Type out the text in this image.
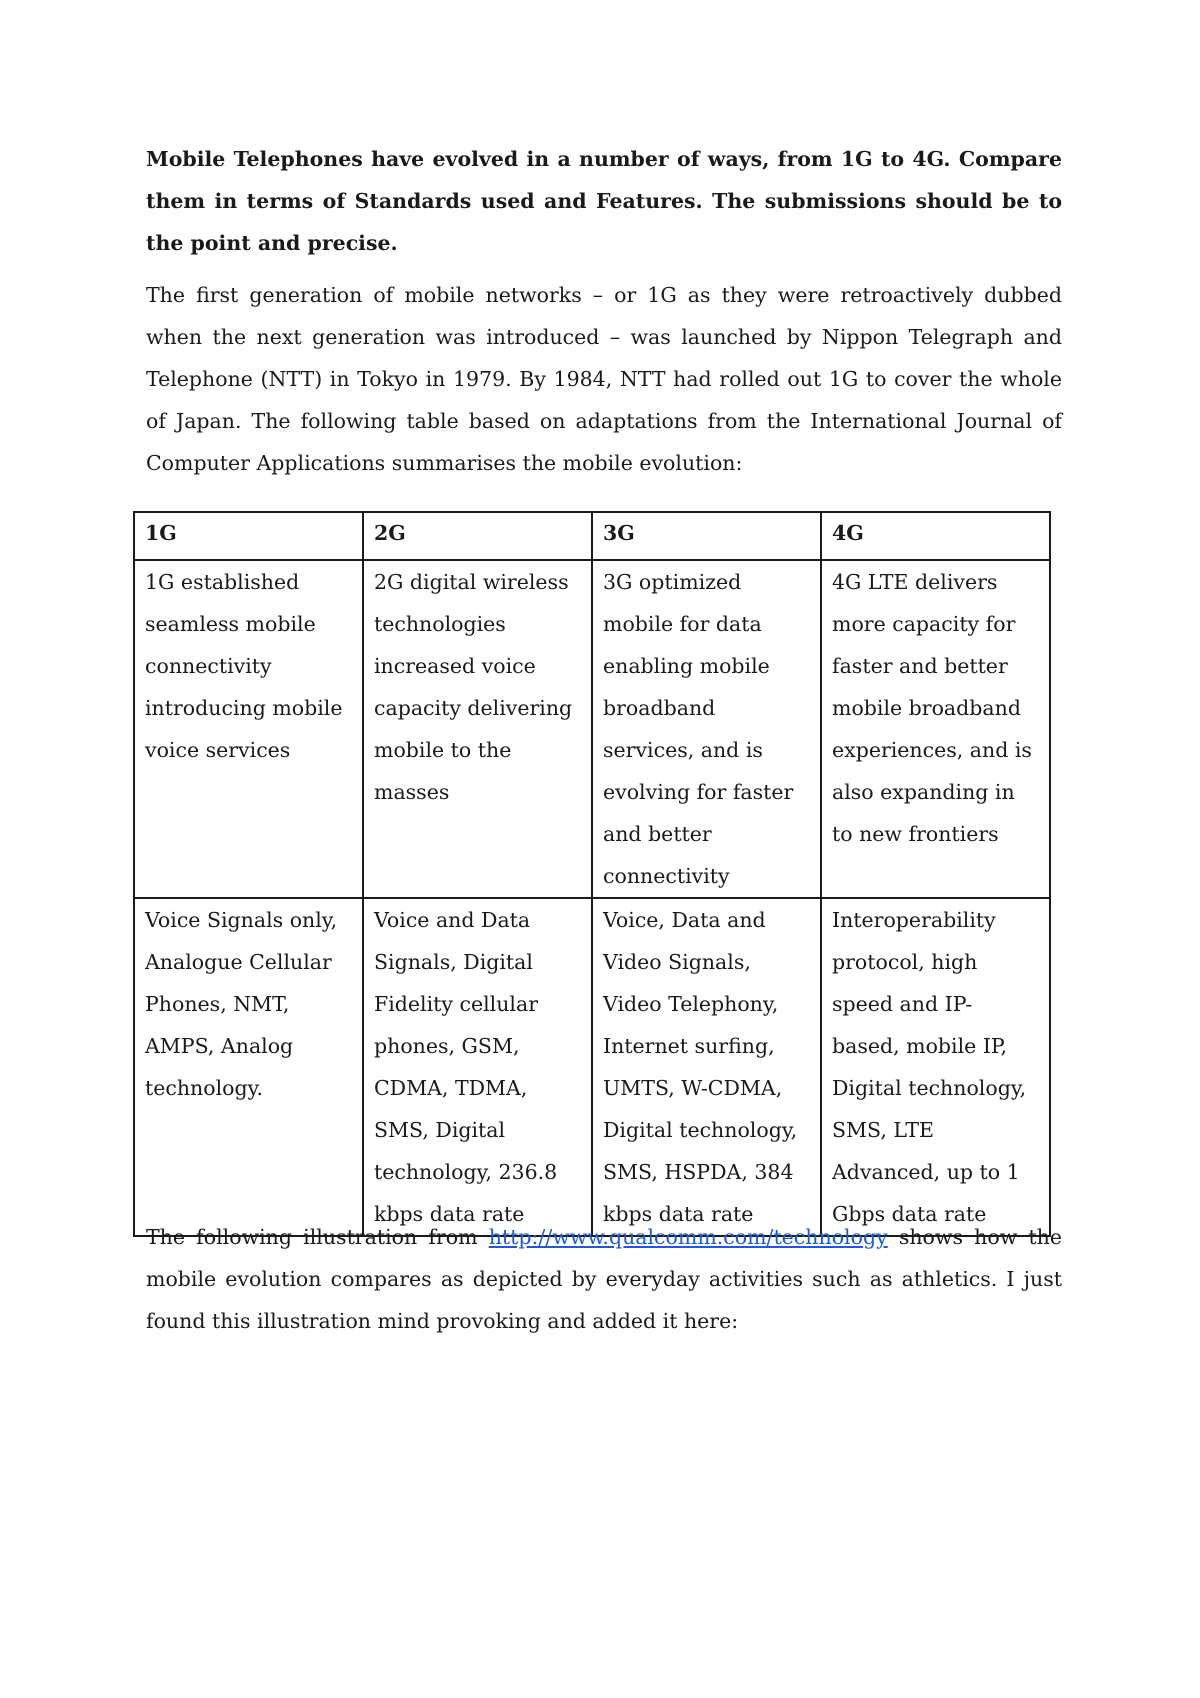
Mobile Telephones have evolved in a number of ways, from 1G to 4G. Compare them in terms of Standards used and Features. The submissions should be to the point and precise.

The first generation of mobile networks – or 1G as they were retroactively dubbed when the next generation was introduced – was launched by Nippon Telegraph and Telephone (NTT) in Tokyo in 1979. By 1984, NTT had rolled out 1G to cover the whole of Japan. The following table based on adaptations from the International Journal of Computer Applications summarises the mobile evolution:

1G	2G	3G	4G
1G established seamless mobile connectivity introducing mobile voice services	2G digital wireless technologies increased voice capacity delivering mobile to the masses	3G optimized mobile for data enabling mobile broadband services, and is evolving for faster and better connectivity	4G LTE delivers more capacity for faster and better mobile broadband experiences, and is also expanding in to new frontiers
Voice Signals only, Analogue Cellular Phones, NMT, AMPS, Analog technology.	Voice and Data Signals, Digital Fidelity cellular phones, GSM, CDMA, TDMA, SMS, Digital technology, 236.8 kbps data rate	Voice, Data and Video Signals, Video Telephony, Internet surfing, UMTS, W-CDMA, Digital technology, SMS, HSPDA, 384 kbps data rate	Interoperability protocol, high speed and IP-based, mobile IP, Digital technology, SMS, LTE Advanced, up to 1 Gbps data rate

The following illustration from http://www.qualcomm.com/technology shows how the mobile evolution compares as depicted by everyday activities such as athletics. I just found this illustration mind provoking and added it here:
